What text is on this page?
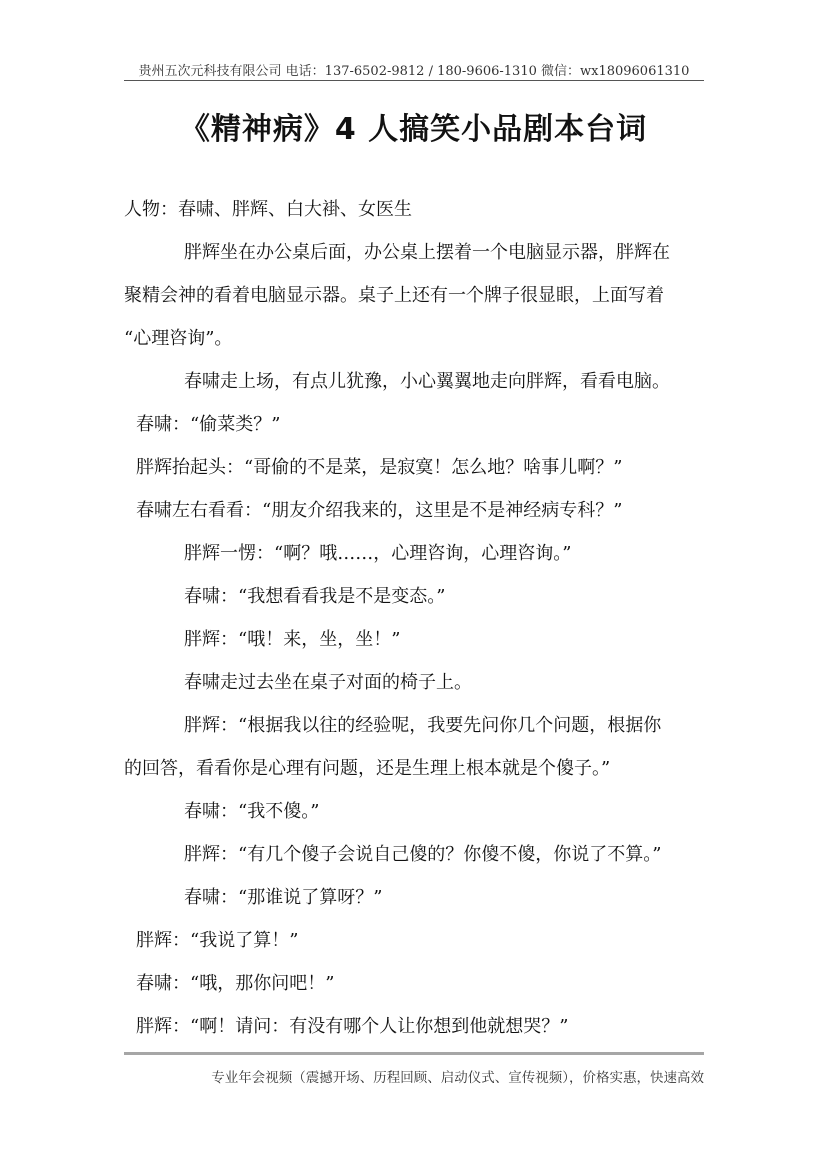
贵州五次元科技有限公司 电话：137-6502-9812 / 180-9606-1310 微信：wx18096061310
《精神病》4 人搞笑小品剧本台词
人物：春啸、胖辉、白大褂、女医生
胖辉坐在办公桌后面，办公桌上摆着一个电脑显示器，胖辉在
聚精会神的看着电脑显示器。桌子上还有一个牌子很显眼，上面写着
“心理咨询”。
春啸走上场，有点儿犹豫，小心翼翼地走向胖辉，看看电脑。
春啸：“偷菜类？”
胖辉抬起头：“哥偷的不是菜，是寂寞！怎么地？啥事儿啊？”
春啸左右看看：“朋友介绍我来的，这里是不是神经病专科？”
胖辉一愣：“啊？哦……，心理咨询，心理咨询。”
春啸：“我想看看我是不是变态。”
胖辉：“哦！来，坐，坐！”
春啸走过去坐在桌子对面的椅子上。
胖辉：“根据我以往的经验呢，我要先问你几个问题，根据你
的回答，看看你是心理有问题，还是生理上根本就是个傻子。”
春啸：“我不傻。”
胖辉：“有几个傻子会说自己傻的？你傻不傻，你说了不算。”
春啸：“那谁说了算呀？”
胖辉：“我说了算！”
春啸：“哦，那你问吧！”
胖辉：“啊！请问：有没有哪个人让你想到他就想哭？”
专业年会视频（震撼开场、历程回顾、启动仪式、宣传视频），价格实惠，快速高效
